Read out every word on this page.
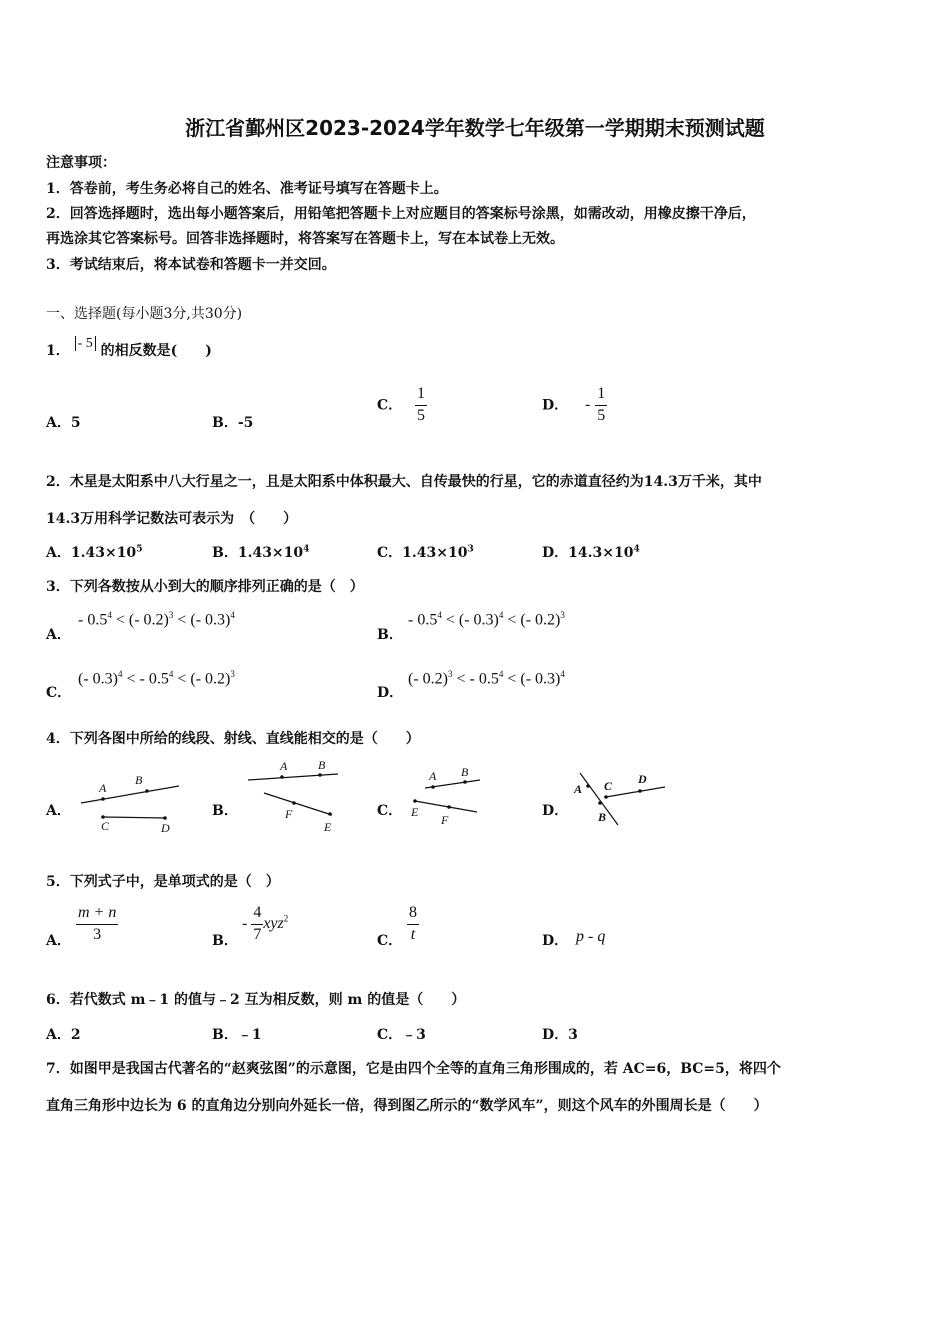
浙江省鄞州区2023-2024学年数学七年级第一学期期末预测试题
注意事项：
1．答卷前，考生务必将自己的姓名、准考证号填写在答题卡上。
2．回答选择题时，选出每小题答案后，用铅笔把答题卡上对应题目的答案标号涂黑，如需改动，用橡皮擦干净后，
再选涂其它答案标号。回答非选择题时，将答案写在答题卡上，写在本试卷上无效。
3．考试结束后，将本试卷和答题卡一并交回。
一、选择题(每小题3分,共30分)
1． - 5 的相反数是(　　)
A．5	B．-5
C． $\frac{1}{5}$	D． - $\frac{1}{5}$
2．木星是太阳系中八大行星之一，且是太阳系中体积最大、自传最快的行星，它的赤道直径约为14.3万千米，其中
14.3万用科学记数法可表示为　（　　）
A．$1.43\times 10^5$	B．$1.43\times 10^4$	C．$1.43\times 10^3$	D．$14.3\times 10^4$
3．下列各数按从小到大的顺序排列正确的是（　）
A．
- $0.5^4$ < (- 0.2)$^3$ < (- 0.3)$^4$
B．
- $0.5^4$ < (- 0.3)$^4$ < (- 0.2)$^3$
C．
(- 0.3)$^4$ < - $0.5^4$ < (- 0.2)$^3$
D．
(- 0.2)$^3$ < - $0.5^4$ < (- 0.3)$^4$
4．下列各图中所给的线段、射线、直线能相交的是（　　）
A．
A
B
C	D
B．
A	B
F
E
C．
A B
E
F
D．
A
B
C D
5．下列式子中，是单项式的是（　）
A． $\frac{m + n}{3}$	B．
- $\frac{4}{7} xyz^2$
C． $\frac{8}{t}$	D． p - q
6．若代数式 m﹣1 的值与﹣2 互为相反数，则 m 的值是（　　）
A．2	B．﹣1	C．﹣3	D．3
7．如图甲是我国古代著名的“赵爽弦图”的示意图，它是由四个全等的直角三角形围成的，若 AC=6，BC=5，将四个
直角三角形中边长为 6 的直角边分别向外延长一倍，得到图乙所示的“数学风车”，则这个风车的外围周长是（　　）
